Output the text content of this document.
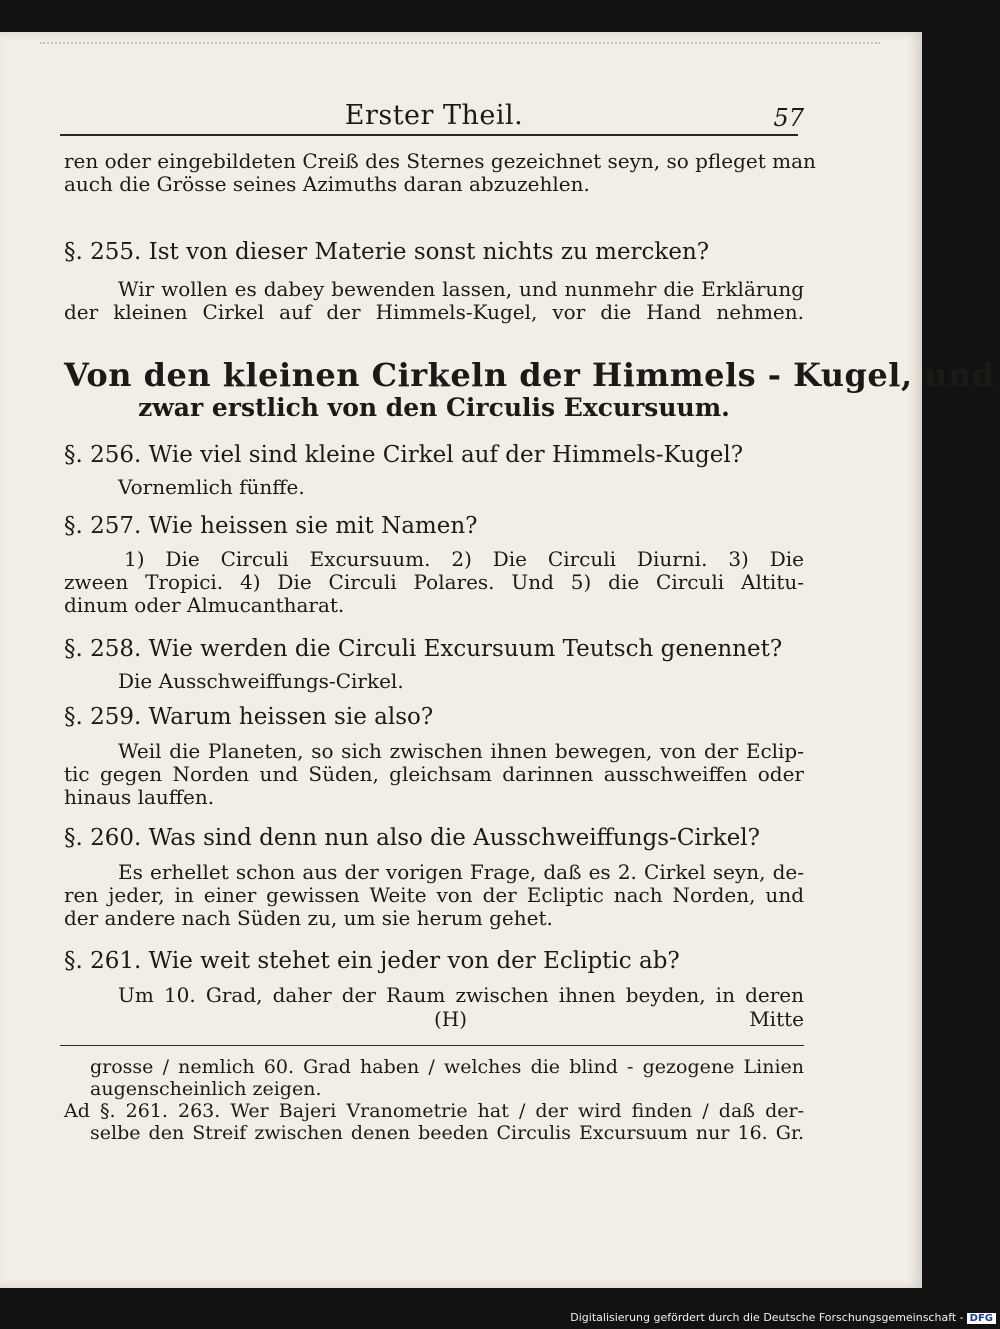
Erster Theil.	57
ren oder eingebildeten Creiß des Sternes gezeichnet seyn, so pfleget man
auch die Grösse seines Azimuths daran abzuzehlen.
§. 255. Ist von dieser Materie sonst nichts zu mercken?
Wir wollen es dabey bewenden lassen, und nunmehr die Erklärung
der kleinen Cirkel auf der Himmels-Kugel, vor die Hand nehmen.
Von den kleinen Cirkeln der Himmels - Kugel, und
zwar erstlich von den Circulis Excursuum.
§. 256. Wie viel sind kleine Cirkel auf der Himmels-Kugel?
Vornemlich fünffe.
§. 257. Wie heissen sie mit Namen?
1) Die Circuli Excursuum. 2) Die Circuli Diurni. 3) Die
zween Tropici. 4) Die Circuli Polares. Und 5) die Circuli Altitu-
dinum oder Almucantharat.
§. 258. Wie werden die Circuli Excursuum Teutsch genennet?
Die Ausschweiffungs-Cirkel.
§. 259. Warum heissen sie also?
Weil die Planeten, so sich zwischen ihnen bewegen, von der Eclip-
tic gegen Norden und Süden, gleichsam darinnen ausschweiffen oder
hinaus lauffen.
§. 260. Was sind denn nun also die Ausschweiffungs-Cirkel?
Es erhellet schon aus der vorigen Frage, daß es 2. Cirkel seyn, de-
ren jeder, in einer gewissen Weite von der Ecliptic nach Norden, und
der andere nach Süden zu, um sie herum gehet.
§. 261. Wie weit stehet ein jeder von der Ecliptic ab?
Um 10. Grad, daher der Raum zwischen ihnen beyden, in deren
(H)	Mitte
grosse / nemlich 60. Grad haben / welches die blind - gezogene Linien
augenscheinlich zeigen.
Ad §. 261. 263. Wer Bajeri Vranometrie hat / der wird finden / daß der-
selbe den Streif zwischen denen beeden Circulis Excursuum nur 16. Gr.
Digitalisierung gefördert durch die Deutsche Forschungsgemeinschaft - DFG
